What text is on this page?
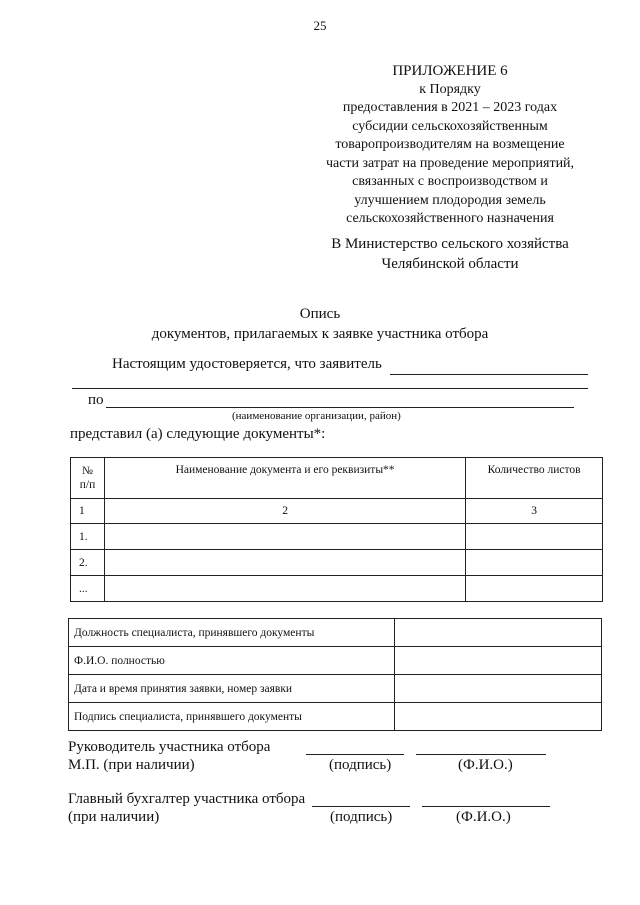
25
ПРИЛОЖЕНИЕ 6
к Порядку
предоставления в 2021 – 2023 годах
субсидии сельскохозяйственным
товаропроизводителям на возмещение
части затрат на проведение мероприятий,
связанных с воспроизводством и
улучшением плодородия земель
сельскохозяйственного назначения
В Министерство сельского хозяйства
Челябинской области
Опись
документов, прилагаемых к заявке участника отбора
Настоящим удостоверяется, что заявитель
по
(наименование организации, район)
представил (а) следующие документы*:
№
п/п	Наименование документа и его реквизиты**	Количество листов
1	2	3
1.		
2.		
...		
Должность специалиста, принявшего документы	
Ф.И.О. полностью	
Дата и время принятия заявки, номер заявки	
Подпись специалиста, принявшего документы	
Руководитель участника отбора
М.П. (при наличии)	(подпись)	(Ф.И.О.)
Главный бухгалтер участника отбора
(при наличии)	(подпись)	(Ф.И.О.)
